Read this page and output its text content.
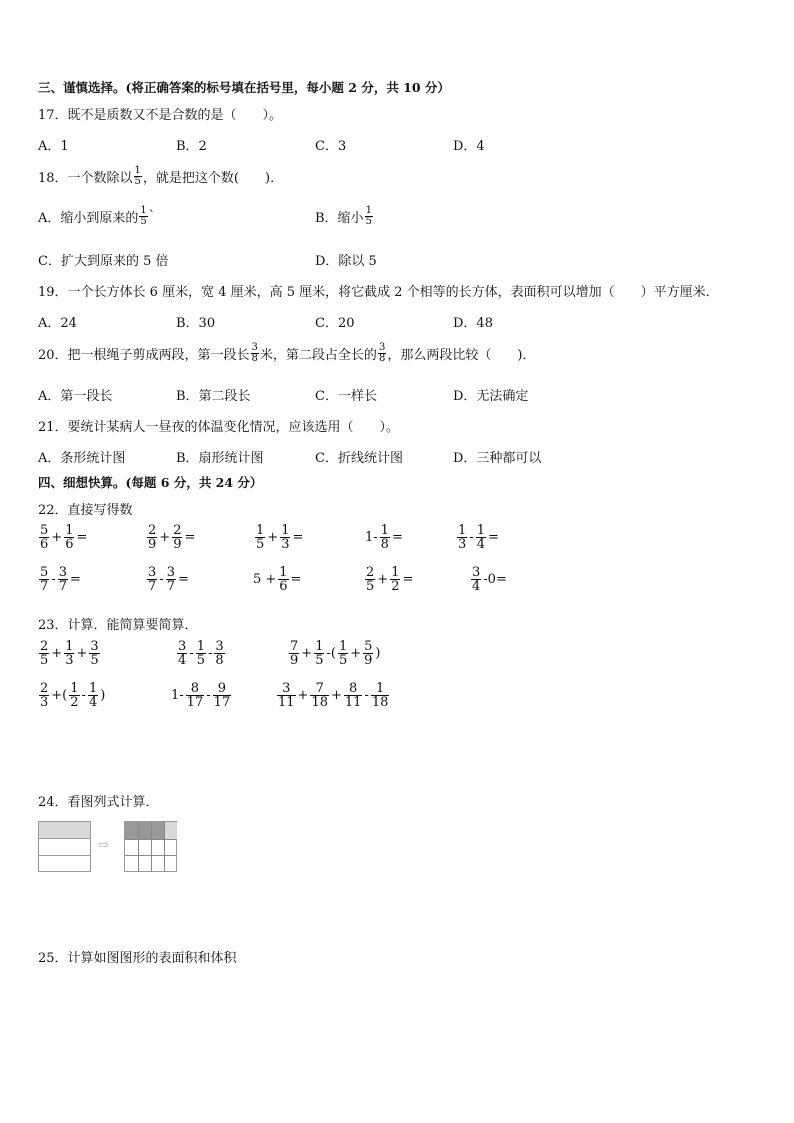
三、谨慎选择。(将正确答案的标号填在括号里，每小题 2 分，共 10 分）
17．既不是质数又不是合数的是（　　）。
A．1	B．2	C．3	D．4
18．一个数除以 $\frac{1}{5}$ ，就是把这个数(　　)．
A．缩小到原来的 $\frac{1}{5}$ `	B．缩小 $\frac{1}{5}$
C．扩大到原来的 5 倍	D．除以 5
19．一个长方体长 6 厘米，宽 4 厘米，高 5 厘米，将它截成 2 个相等的长方体，表面积可以增加（　　）平方厘米．
A．24	B．30	C．20	D．48
20．把一根绳子剪成两段，第一段长 $\frac{3}{8}$ 米，第二段占全长的 $\frac{3}{8}$ ，那么两段比较（　　)．
A．第一段长	B．第二段长	C．一样长	D．无法确定
21．要统计某病人一昼夜的体温变化情况，应该选用（　　）。
A．条形统计图	B．扇形统计图	C．折线统计图	D．三种都可以
四、细想快算。(每题 6 分，共 24 分）
22．直接写得数
$\frac{5}{6} + \frac{1}{6}$ =	$\frac{2}{9} + \frac{2}{9}$ =	$\frac{1}{5} + \frac{1}{3}$ =	$1- \frac{1}{8}$ =	$\frac{1}{3} - \frac{1}{4}$ =
$\frac{5}{7} - \frac{3}{7}$ =	$\frac{3}{7} - \frac{3}{7}$ =	$5 + \frac{1}{6}$ =	$\frac{2}{5} + \frac{1}{2}$ =	$\frac{3}{4} -0=$
23．计算．能简算要简算．
$\frac{2}{5} + \frac{1}{3} + \frac{3}{5}$	$\frac{3}{4} - \frac{1}{5} - \frac{3}{8}$	$\frac{7}{9} + \frac{1}{5}$ -( $\frac{1}{5} + \frac{5}{9}$ )
$\frac{2}{3}$ +( $\frac{1}{2} - \frac{1}{4}$ )	$1- \frac{8}{17} - \frac{9}{17}$	$\frac{3}{11} + \frac{7}{18} + \frac{8}{11} - \frac{1}{18}$
24．看图列式计算．
⇨
25．计算如图图形的表面积和体积
